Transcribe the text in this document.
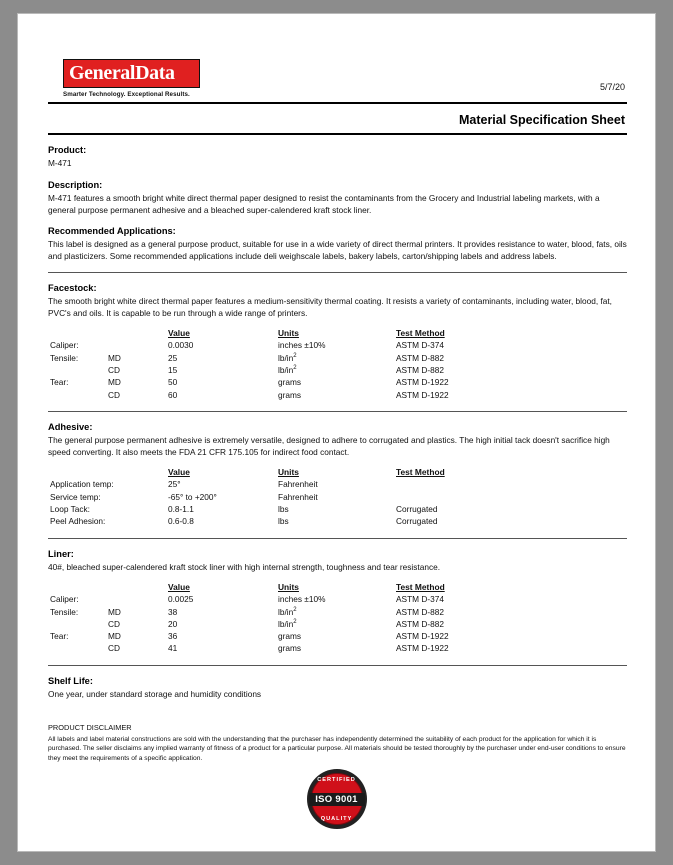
GeneralData
Smarter Technology. Exceptional Results.
5/7/20
Material Specification Sheet
Product:
M-471
Description:
M-471 features a smooth bright white direct thermal paper designed to resist the contaminants from the Grocery and Industrial labeling markets, with a general purpose permanent adhesive and a bleached super-calendered kraft stock liner.
Recommended Applications:
This label is designed as a general purpose product, suitable for use in a wide variety of direct thermal printers. It provides resistance to water, blood, fats, oils and plasticizers. Some recommended applications include deli weighscale labels, bakery labels, carton/shipping labels and address labels.
Facestock:
The smooth bright white direct thermal paper features a medium-sensitivity thermal coating. It resists a variety of contaminants, including water, blood, fat, PVC's and oils. It is capable to be run through a wide range of printers.
		Value	Units	Test Method
Caliper:		0.0030	inches ±10%	ASTM D-374
Tensile:	MD	25	$lb/in^2$	ASTM D-882
	CD	15	$lb/in^2$	ASTM D-882
Tear:	MD	50	grams	ASTM D-1922
	CD	60	grams	ASTM D-1922
Adhesive:
The general purpose permanent adhesive is extremely versatile, designed to adhere to corrugated and plastics. The high initial tack doesn't sacrifice high speed converting. It also meets the FDA 21 CFR 175.105 for indirect food contact.
	Value	Units	Test Method
Application temp:	25°	Fahrenheit	
Service temp:	-65° to +200°	Fahrenheit	
Loop Tack:	0.8-1.1	lbs	Corrugated
Peel Adhesion:	0.6-0.8	lbs	Corrugated
Liner:
40#, bleached super-calendered kraft stock liner with high internal strength, toughness and tear resistance.
		Value	Units	Test Method
Caliper:		0.0025	inches ±10%	ASTM D-374
Tensile:	MD	38	$lb/in^2$	ASTM D-882
	CD	20	$lb/in^2$	ASTM D-882
Tear:	MD	36	grams	ASTM D-1922
	CD	41	grams	ASTM D-1922
Shelf Life:
One year, under standard storage and humidity conditions
PRODUCT DISCLAIMER
All labels and label material constructions are sold with the understanding that the purchaser has independently determined the suitability of each product for the application for which it is purchased. The seller disclaims any implied warranty of fitness of a product for a particular purpose. All materials should be tested thoroughly by the purchaser under end-user conditions to ensure they meet the requirements of a specific application.
CERTIFIED
ISO 9001
QUALITY
